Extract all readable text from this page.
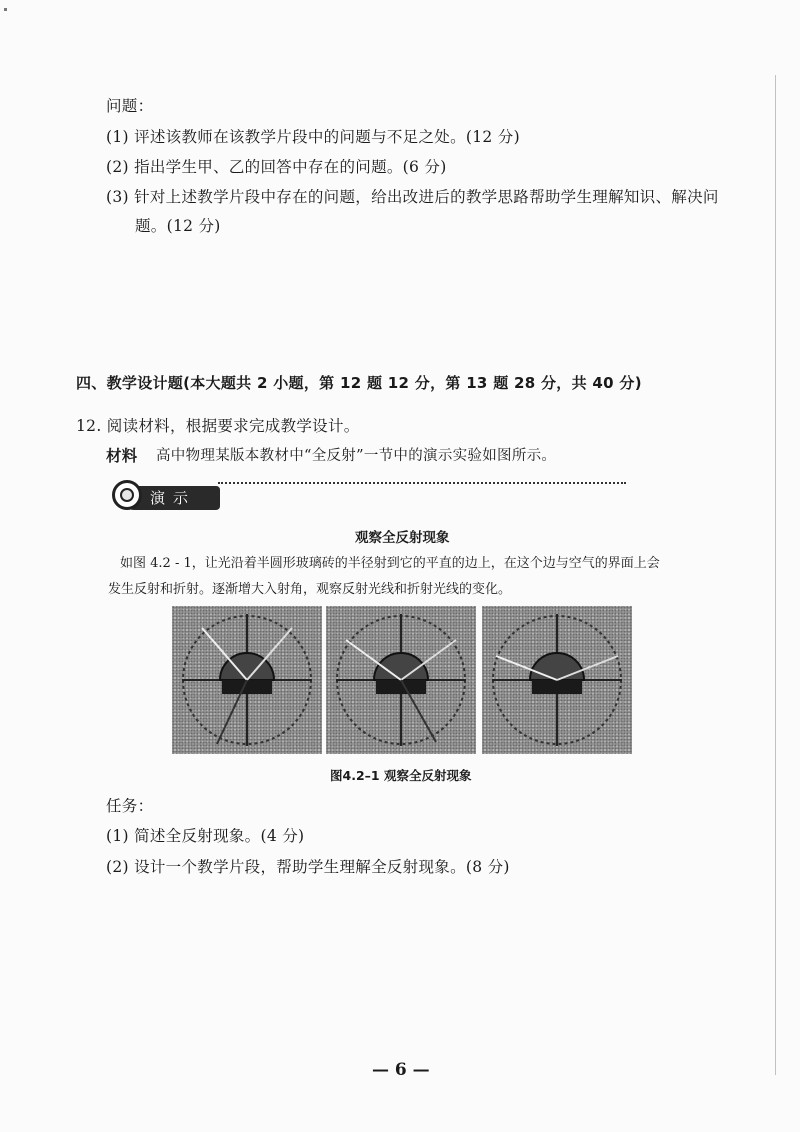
问题：
(1) 评述该教师在该教学片段中的问题与不足之处。(12 分)
(2) 指出学生甲、乙的回答中存在的问题。(6 分)
(3) 针对上述教学片段中存在的问题，给出改进后的教学思路帮助学生理解知识、解决问
题。(12 分)
四、教学设计题(本大题共 2 小题，第 12 题 12 分，第 13 题 28 分，共 40 分)
12. 阅读材料，根据要求完成教学设计。
材料 高中物理某版本教材中“全反射”一节中的演示实验如图所示。
演示
观察全反射现象
如图 4.2 - 1，让光沿着半圆形玻璃砖的半径射到它的平直的边上，在这个边与空气的界面上会
发生反射和折射。逐渐增大入射角，观察反射光线和折射光线的变化。
图4.2–1 观察全反射现象
任务：
(1) 简述全反射现象。(4 分)
(2) 设计一个教学片段，帮助学生理解全反射现象。(8 分)
— 6 —
